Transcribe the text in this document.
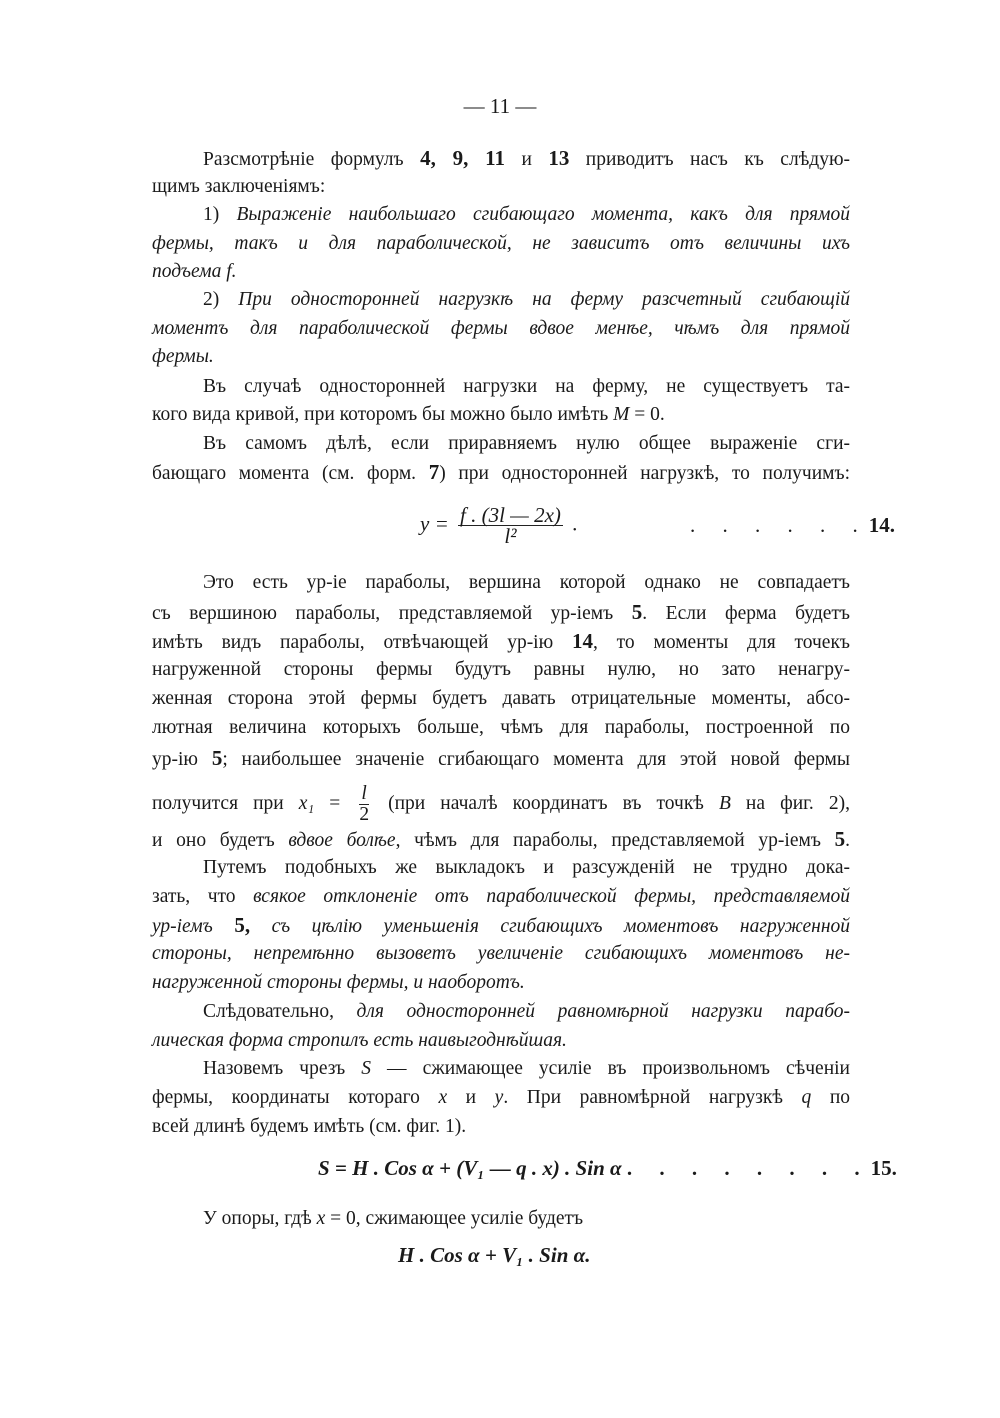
— 11 —
Разсмотрѣніе формулъ 4, 9, 11 и 13 приводитъ насъ къ слѣдую-
щимъ заключеніямъ:
1) Выраженіе наибольшаго сгибающаго момента, какъ для прямой
фермы, такъ и для параболической, не зависитъ отъ величины ихъ
подъема f.
2) При односторонней нагрузкѣ на ферму разсчетный сгибающій
моментъ для параболической фермы вдвое менѣе, чѣмъ для прямой
фермы.
Въ случаѣ односторонней нагрузки на ферму, не существуетъ та-
кого вида кривой, при которомъ бы можно было имѣть M = 0.
Въ самомъ дѣлѣ, если приравняемъ нулю общее выраженіе сги-
бающаго момента (см. форм. 7) при односторонней нагрузкѣ, то получимъ:
Это есть ур-іе параболы, вершина которой однако не совпадаетъ
съ вершиною параболы, представляемой ур-іемъ 5. Если ферма будетъ
имѣть видъ параболы, отвѣчающей ур-ію 14, то моменты для точекъ
нагруженной стороны фермы будутъ равны нулю, но зато ненагру-
женная сторона этой фермы будетъ давать отрицательные моменты, абсо-
лютная величина которыхъ больше, чѣмъ для параболы, построенной по
ур-ію 5; наибольшее значеніе сгибающаго момента для этой новой фермы
получится при $x_1 = \frac{l}{2} (при$ началѣ координатъ въ точкѣ B на фиг. 2),
и оно будетъ вдвое болѣе, чѣмъ для параболы, представляемой ур-іемъ 5.
Путемъ подобныхъ же выкладокъ и разсужденій не трудно дока-
зать, что всякое отклоненіе отъ параболической фермы, представляемой
ур-іемъ 5, съ цѣлію уменьшенія сгибающихъ моментовъ нагруженной
стороны, непремѣнно вызоветъ увеличеніе сгибающихъ моментовъ не-
нагруженной стороны фермы, и наоборотъ.
Слѣдовательно, для односторонней равномѣрной нагрузки парабо-
лическая форма стропилъ есть наивыгоднѣйшая.
Назовемъ чрезъ S — сжимающее усиліе въ произвольномъ сѣченіи
фермы, координаты котораго x и y. При равномѣрной нагрузкѣ q по
всей длинѣ будемъ имѣть (см. фиг. 1).
У опоры, гдѣ x = 0, сжимающее усиліе будетъ
$y = \frac{f . (3l — 2x)}{\text{l²}}$ .	. . . . . .14.
S = H . Cos α + (V₁ — q . x) . Sin α . . . . . . . .15.
H . Cos α + V₁ . Sin α.
